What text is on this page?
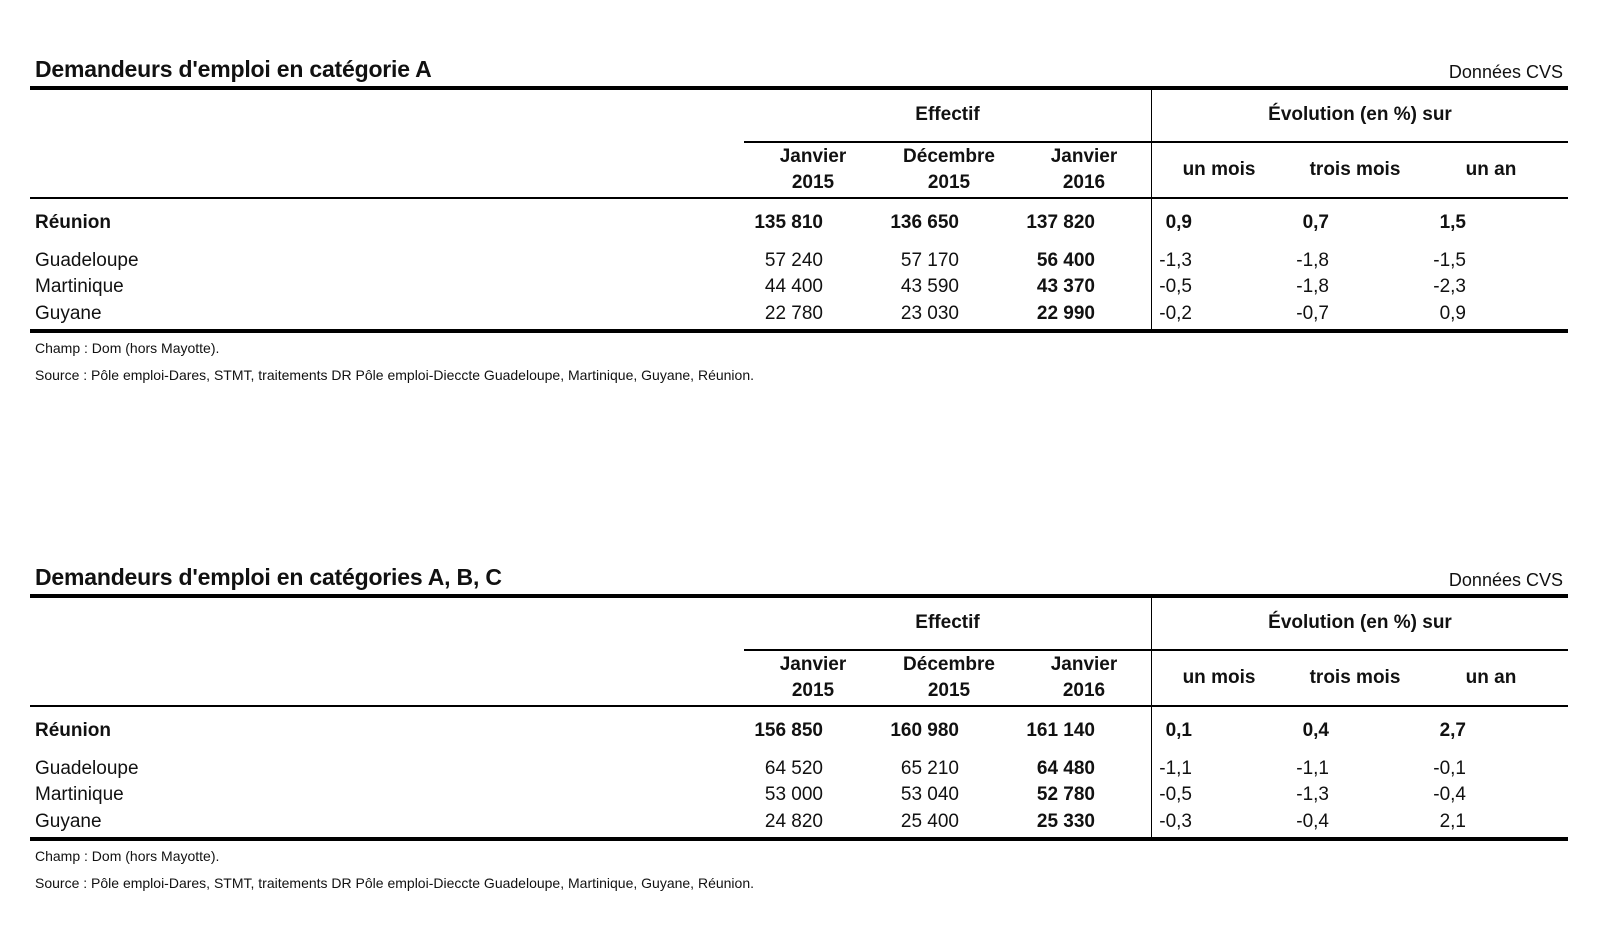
Demandeurs d'emploi en catégorie A	Données CVS
Effectif	Évolution (en %) sur
Janvier
2015
Décembre
2015
Janvier
2016
un mois	trois mois	un an
Réunion	135 810	136 650	137 820	0,9	0,7	1,5
Guadeloupe	57 240	57 170	56 400	-1,3	-1,8	-1,5
Martinique	44 400	43 590	43 370	-0,5	-1,8	-2,3
Guyane	22 780	23 030	22 990	-0,2	-0,7	0,9
Champ : Dom (hors Mayotte).
Source : Pôle emploi-Dares, STMT, traitements DR Pôle emploi-Dieccte Guadeloupe, Martinique, Guyane, Réunion.
Demandeurs d'emploi en catégories A, B, C	Données CVS
Effectif	Évolution (en %) sur
Janvier
2015
Décembre
2015
Janvier
2016
un mois	trois mois	un an
Réunion	156 850	160 980	161 140	0,1	0,4	2,7
Guadeloupe	64 520	65 210	64 480	-1,1	-1,1	-0,1
Martinique	53 000	53 040	52 780	-0,5	-1,3	-0,4
Guyane	24 820	25 400	25 330	-0,3	-0,4	2,1
Champ : Dom (hors Mayotte).
Source : Pôle emploi-Dares, STMT, traitements DR Pôle emploi-Dieccte Guadeloupe, Martinique, Guyane, Réunion.
